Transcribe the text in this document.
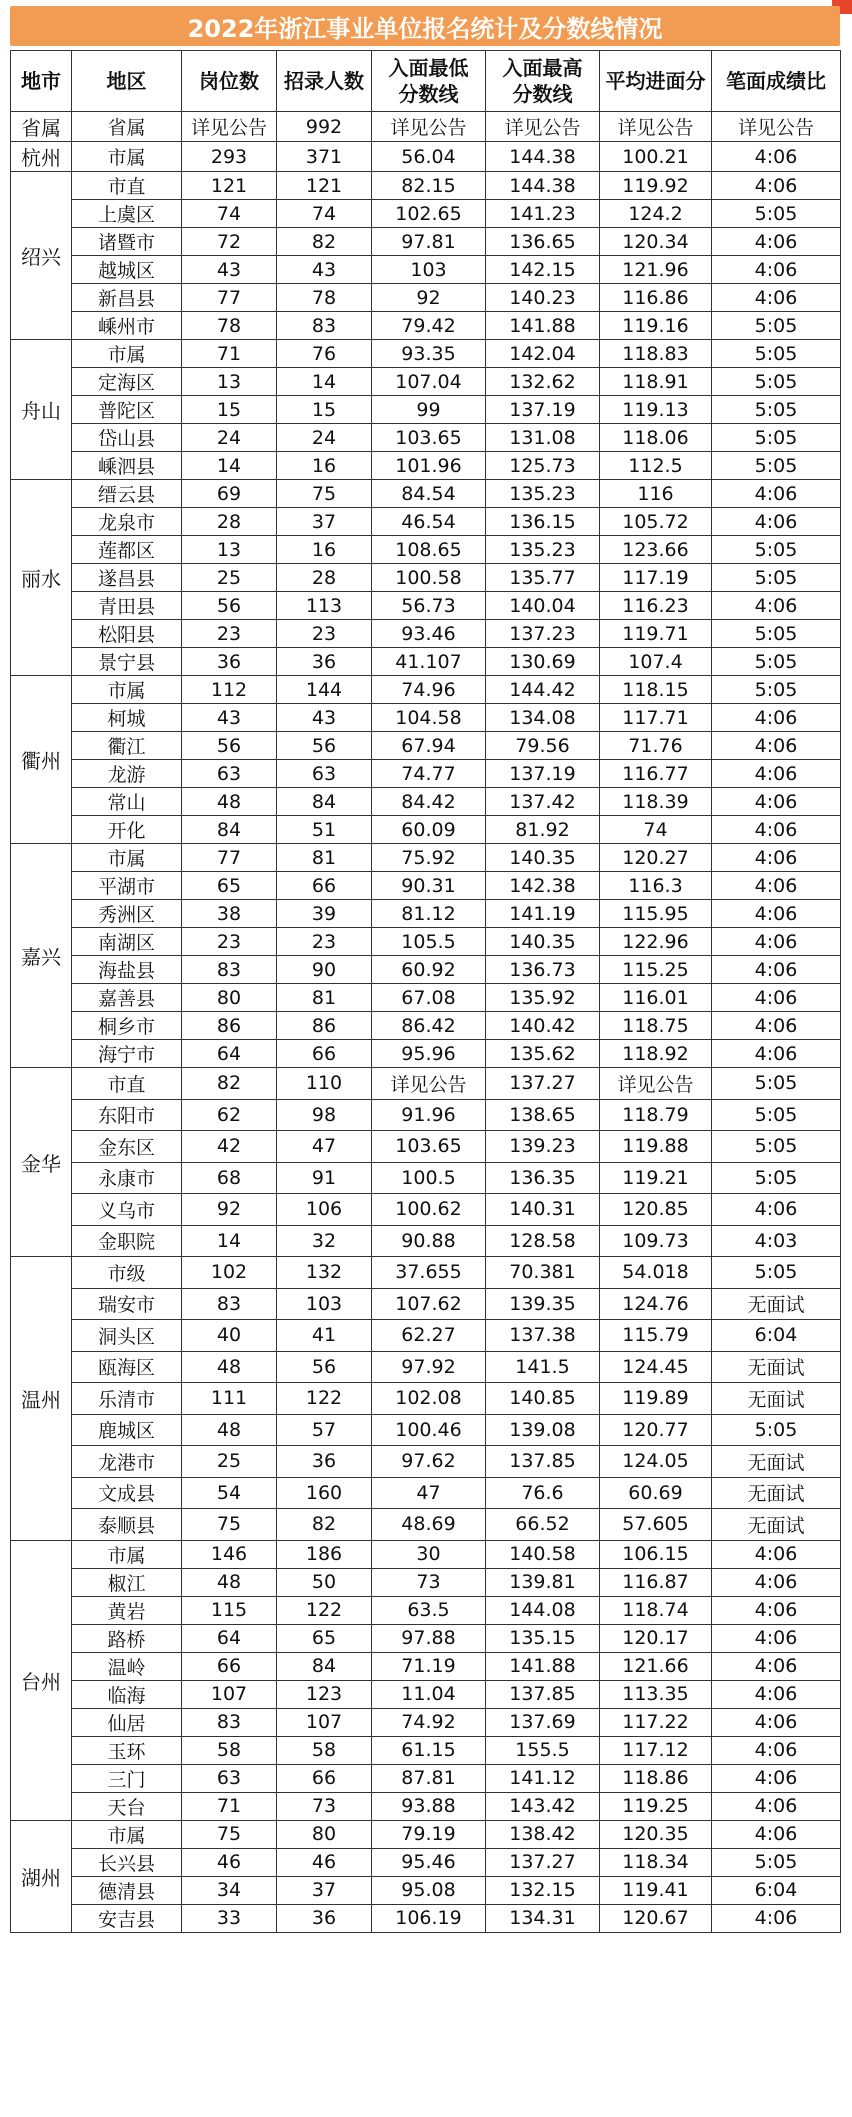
2022年浙江事业单位报名统计及分数线情况
地市	地区	岗位数	招录人数	入面最低分数线	入面最高分数线	平均进面分	笔面成绩比
省属	省属	详见公告	992	详见公告	详见公告	详见公告	详见公告
杭州	市属	293	371	56.04	144.38	100.21	4:06
绍兴	市直	121	121	82.15	144.38	119.92	4:06
	上虞区	74	74	102.65	141.23	124.2	5:05
	诸暨市	72	82	97.81	136.65	120.34	4:06
	越城区	43	43	103	142.15	121.96	4:06
	新昌县	77	78	92	140.23	116.86	4:06
	嵊州市	78	83	79.42	141.88	119.16	5:05
舟山	市属	71	76	93.35	142.04	118.83	5:05
	定海区	13	14	107.04	132.62	118.91	5:05
	普陀区	15	15	99	137.19	119.13	5:05
	岱山县	24	24	103.65	131.08	118.06	5:05
	嵊泗县	14	16	101.96	125.73	112.5	5:05
丽水	缙云县	69	75	84.54	135.23	116	4:06
	龙泉市	28	37	46.54	136.15	105.72	4:06
	莲都区	13	16	108.65	135.23	123.66	5:05
	遂昌县	25	28	100.58	135.77	117.19	5:05
	青田县	56	113	56.73	140.04	116.23	4:06
	松阳县	23	23	93.46	137.23	119.71	5:05
	景宁县	36	36	41.107	130.69	107.4	5:05
衢州	市属	112	144	74.96	144.42	118.15	5:05
	柯城	43	43	104.58	134.08	117.71	4:06
	衢江	56	56	67.94	79.56	71.76	4:06
	龙游	63	63	74.77	137.19	116.77	4:06
	常山	48	84	84.42	137.42	118.39	4:06
	开化	84	51	60.09	81.92	74	4:06
嘉兴	市属	77	81	75.92	140.35	120.27	4:06
	平湖市	65	66	90.31	142.38	116.3	4:06
	秀洲区	38	39	81.12	141.19	115.95	4:06
	南湖区	23	23	105.5	140.35	122.96	4:06
	海盐县	83	90	60.92	136.73	115.25	4:06
	嘉善县	80	81	67.08	135.92	116.01	4:06
	桐乡市	86	86	86.42	140.42	118.75	4:06
	海宁市	64	66	95.96	135.62	118.92	4:06
金华	市直	82	110	详见公告	137.27	详见公告	5:05
	东阳市	62	98	91.96	138.65	118.79	5:05
	金东区	42	47	103.65	139.23	119.88	5:05
	永康市	68	91	100.5	136.35	119.21	5:05
	义乌市	92	106	100.62	140.31	120.85	4:06
	金职院	14	32	90.88	128.58	109.73	4:03
温州	市级	102	132	37.655	70.381	54.018	5:05
	瑞安市	83	103	107.62	139.35	124.76	无面试
	洞头区	40	41	62.27	137.38	115.79	6:04
	瓯海区	48	56	97.92	141.5	124.45	无面试
	乐清市	111	122	102.08	140.85	119.89	无面试
	鹿城区	48	57	100.46	139.08	120.77	5:05
	龙港市	25	36	97.62	137.85	124.05	无面试
	文成县	54	160	47	76.6	60.69	无面试
	泰顺县	75	82	48.69	66.52	57.605	无面试
台州	市属	146	186	30	140.58	106.15	4:06
	椒江	48	50	73	139.81	116.87	4:06
	黄岩	115	122	63.5	144.08	118.74	4:06
	路桥	64	65	97.88	135.15	120.17	4:06
	温岭	66	84	71.19	141.88	121.66	4:06
	临海	107	123	11.04	137.85	113.35	4:06
	仙居	83	107	74.92	137.69	117.22	4:06
	玉环	58	58	61.15	155.5	117.12	4:06
	三门	63	66	87.81	141.12	118.86	4:06
	天台	71	73	93.88	143.42	119.25	4:06
湖州	市属	75	80	79.19	138.42	120.35	4:06
	长兴县	46	46	95.46	137.27	118.34	5:05
	德清县	34	37	95.08	132.15	119.41	6:04
	安吉县	33	36	106.19	134.31	120.67	4:06
